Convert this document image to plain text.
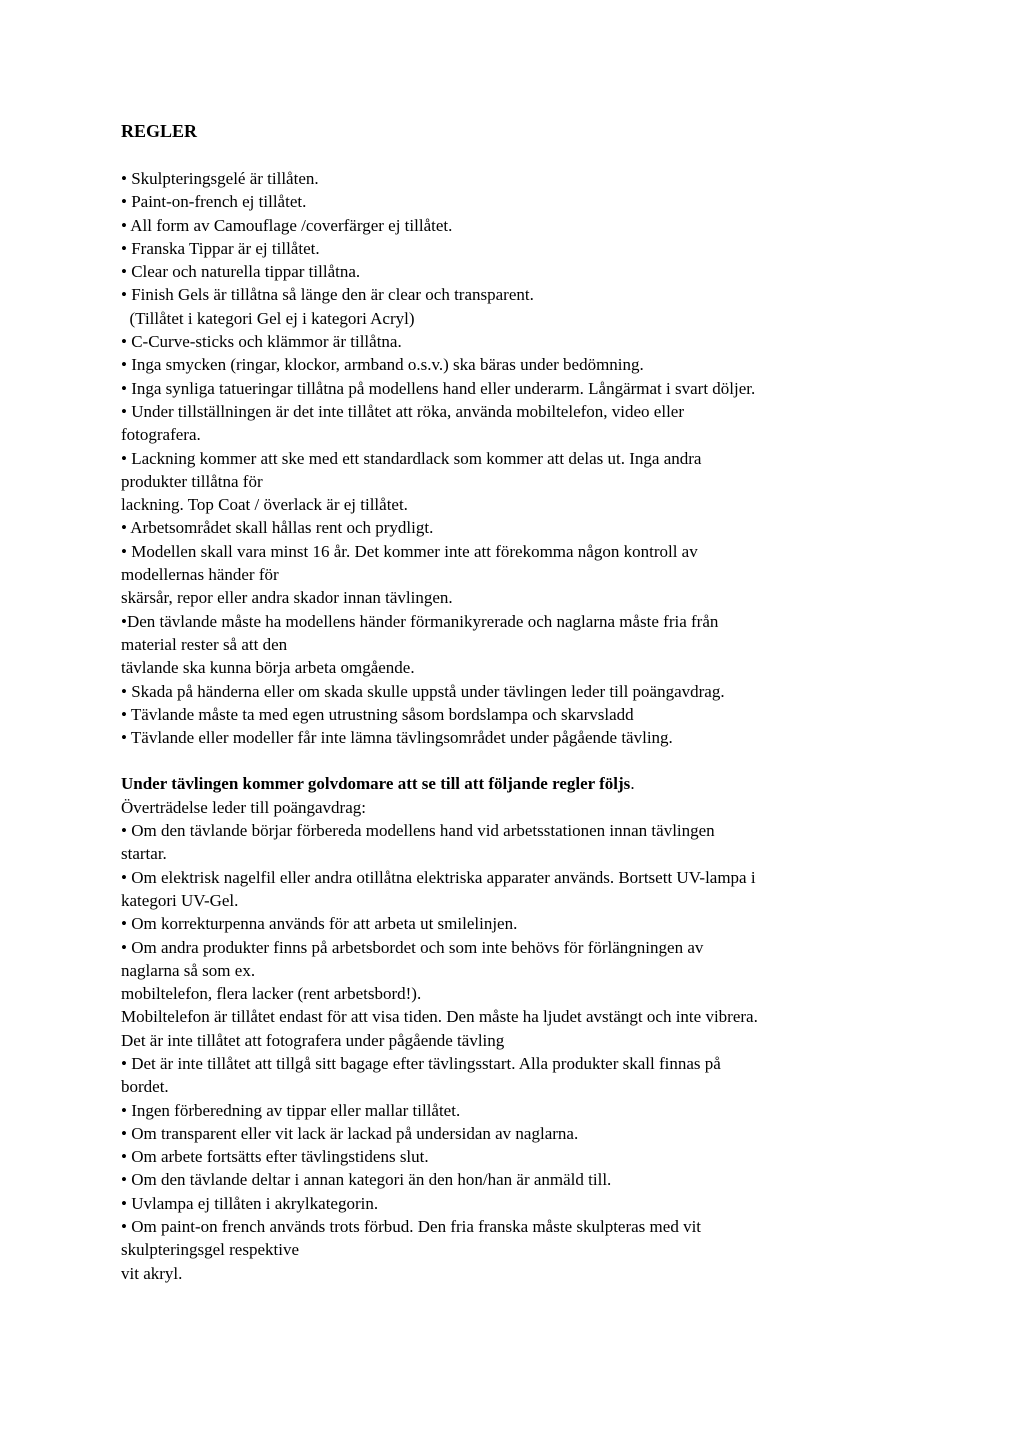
REGLER
• Skulpteringsgelé är tillåten.
• Paint-on-french ej tillåtet.
• All form av Camouflage /coverfärger ej tillåtet.
• Franska Tippar är ej tillåtet.
• Clear och naturella tippar tillåtna.
• Finish Gels är tillåtna så länge den är clear och transparent.
(Tillåtet i kategori Gel ej i kategori Acryl)
• C-Curve-sticks och klämmor är tillåtna.
• Inga smycken (ringar, klockor, armband o.s.v.) ska bäras under bedömning.
• Inga synliga tatueringar tillåtna på modellens hand eller underarm. Långärmat i svart döljer.
• Under tillställningen är det inte tillåtet att röka, använda mobiltelefon, video eller
fotografera.
• Lackning kommer att ske med ett standardlack som kommer att delas ut. Inga andra
produkter tillåtna för
lackning. Top Coat / överlack är ej tillåtet.
• Arbetsområdet skall hållas rent och prydligt.
• Modellen skall vara minst 16 år. Det kommer inte att förekomma någon kontroll av
modellernas händer för
skärsår, repor eller andra skador innan tävlingen.
•Den tävlande måste ha modellens händer förmanikyrerade och naglarna måste fria från
material rester så att den
tävlande ska kunna börja arbeta omgående.
• Skada på händerna eller om skada skulle uppstå under tävlingen leder till poängavdrag.
• Tävlande måste ta med egen utrustning såsom bordslampa och skarvsladd
• Tävlande eller modeller får inte lämna tävlingsområdet under pågående tävling.
Under tävlingen kommer golvdomare att se till att följande regler följs.
Överträdelse leder till poängavdrag:
• Om den tävlande börjar förbereda modellens hand vid arbetsstationen innan tävlingen
startar.
• Om elektrisk nagelfil eller andra otillåtna elektriska apparater används. Bortsett UV-lampa i
kategori UV-Gel.
• Om korrekturpenna används för att arbeta ut smilelinjen.
• Om andra produkter finns på arbetsbordet och som inte behövs för förlängningen av
naglarna så som ex.
mobiltelefon, flera lacker (rent arbetsbord!).
Mobiltelefon är tillåtet endast för att visa tiden. Den måste ha ljudet avstängt och inte vibrera.
Det är inte tillåtet att fotografera under pågående tävling
• Det är inte tillåtet att tillgå sitt bagage efter tävlingsstart. Alla produkter skall finnas på
bordet.
• Ingen förberedning av tippar eller mallar tillåtet.
• Om transparent eller vit lack är lackad på undersidan av naglarna.
• Om arbete fortsätts efter tävlingstidens slut.
• Om den tävlande deltar i annan kategori än den hon/han är anmäld till.
• Uvlampa ej tillåten i akrylkategorin.
• Om paint-on french används trots förbud. Den fria franska måste skulpteras med vit
skulpteringsgel respektive
vit akryl.
